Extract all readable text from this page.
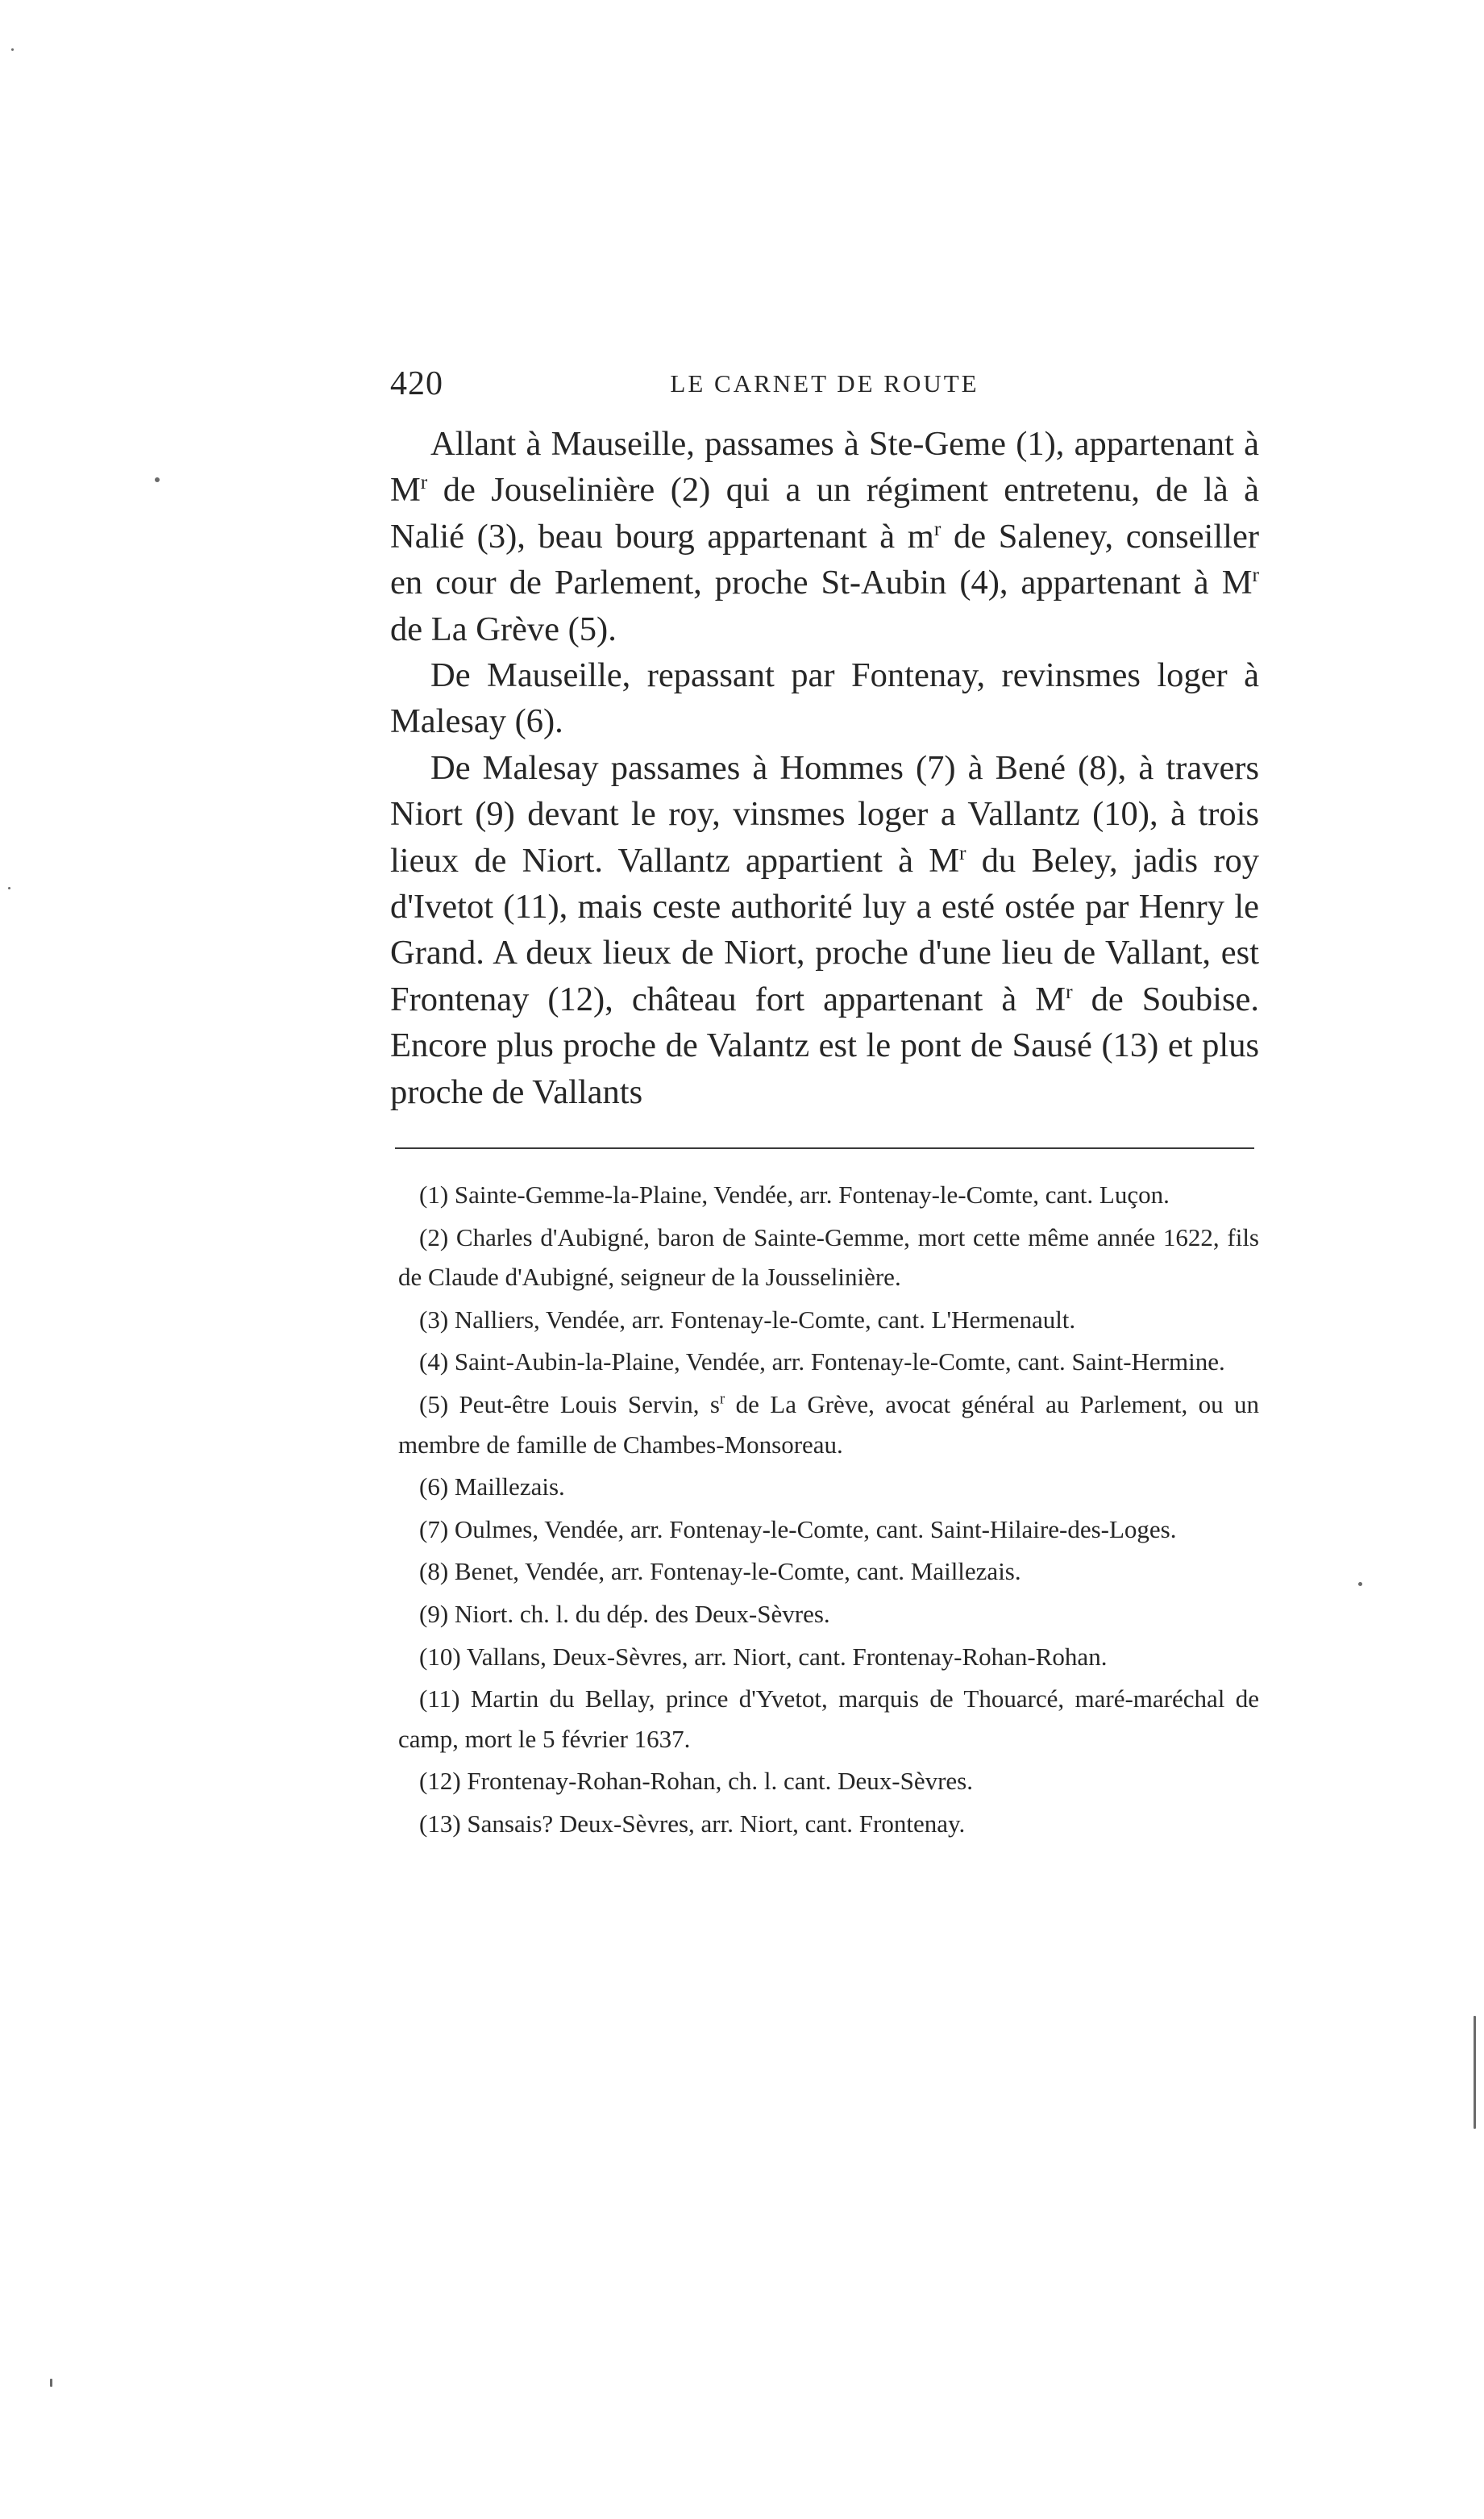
420	LE CARNET DE ROUTE

Allant à Mauseille, passames à Ste-Geme (1), appartenant à $M^r$ de Jouselinière (2) qui a un régiment entretenu, de là à Nalié (3), beau bourg appartenant à $m^r$ de Saleney, conseiller en cour de Parlement, proche St-Aubin (4), appartenant à $M^r$ de La Grève (5).

De Mauseille, repassant par Fontenay, revinsmes loger à Malesay (6).

De Malesay passames à Hommes (7) à Bené (8), à travers Niort (9) devant le roy, vinsmes loger a Vallantz (10), à trois lieux de Niort. Vallantz appartient à $M^r$ du Beley, jadis roy d'Ivetot (11), mais ceste authorité luy a esté ostée par Henry le Grand. A deux lieux de Niort, proche d'une lieu de Vallant, est Frontenay (12), château fort appartenant à $M^r$ de Soubise. Encore plus proche de Valantz est le pont de Sausé (13) et plus proche de Vallants

(1) Sainte-Gemme-la-Plaine, Vendée, arr. Fontenay-le-Comte, cant. Luçon.

(2) Charles d'Aubigné, baron de Sainte-Gemme, mort cette même année 1622, fils de Claude d'Aubigné, seigneur de la Jousselinière.

(3) Nalliers, Vendée, arr. Fontenay-le-Comte, cant. L'Hermenault.

(4) Saint-Aubin-la-Plaine, Vendée, arr. Fontenay-le-Comte, cant. Saint-Hermine.

(5) Peut-être Louis Servin, $s^r$ de La Grève, avocat général au Parlement, ou un membre de famille de Chambes-Monsoreau.

(6) Maillezais.

(7) Oulmes, Vendée, arr. Fontenay-le-Comte, cant. Saint-Hilaire-des-Loges.

(8) Benet, Vendée, arr. Fontenay-le-Comte, cant. Maillezais.

(9) Niort. ch. l. du dép. des Deux-Sèvres.

(10) Vallans, Deux-Sèvres, arr. Niort, cant. Frontenay-Rohan-Rohan.

(11) Martin du Bellay, prince d'Yvetot, marquis de Thouarcé, maré-maréchal de camp, mort le 5 février 1637.

(12) Frontenay-Rohan-Rohan, ch. l. cant. Deux-Sèvres.

(13) Sansais? Deux-Sèvres, arr. Niort, cant. Frontenay.
